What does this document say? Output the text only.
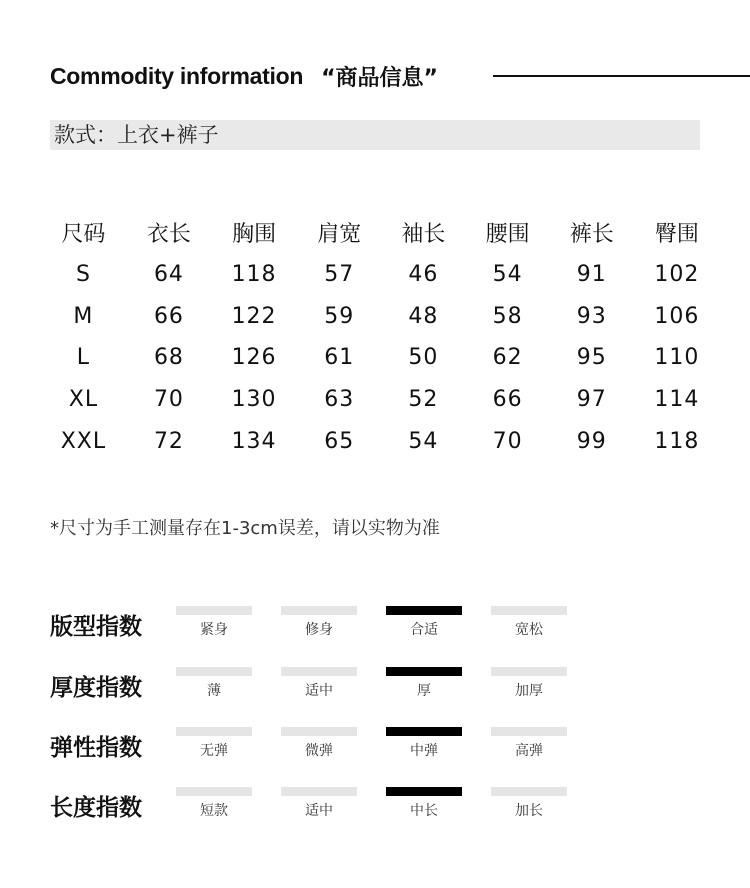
Commodity information “商品信息”
款式：上衣+裤子
尺码	衣长	胸围	肩宽	袖长	腰围	裤长	臀围
S	64	118	57	46	54	91	102
M	66	122	59	48	58	93	106
L	68	126	61	50	62	95	110
XL	70	130	63	52	66	97	114
XXL	72	134	65	54	70	99	118
*尺寸为手工测量存在1-3cm误差，请以实物为准
版型指数	紧身	修身	合适	宽松
厚度指数	薄	适中	厚	加厚
弹性指数	无弹	微弹	中弹	高弹
长度指数	短款	适中	中长	加长
